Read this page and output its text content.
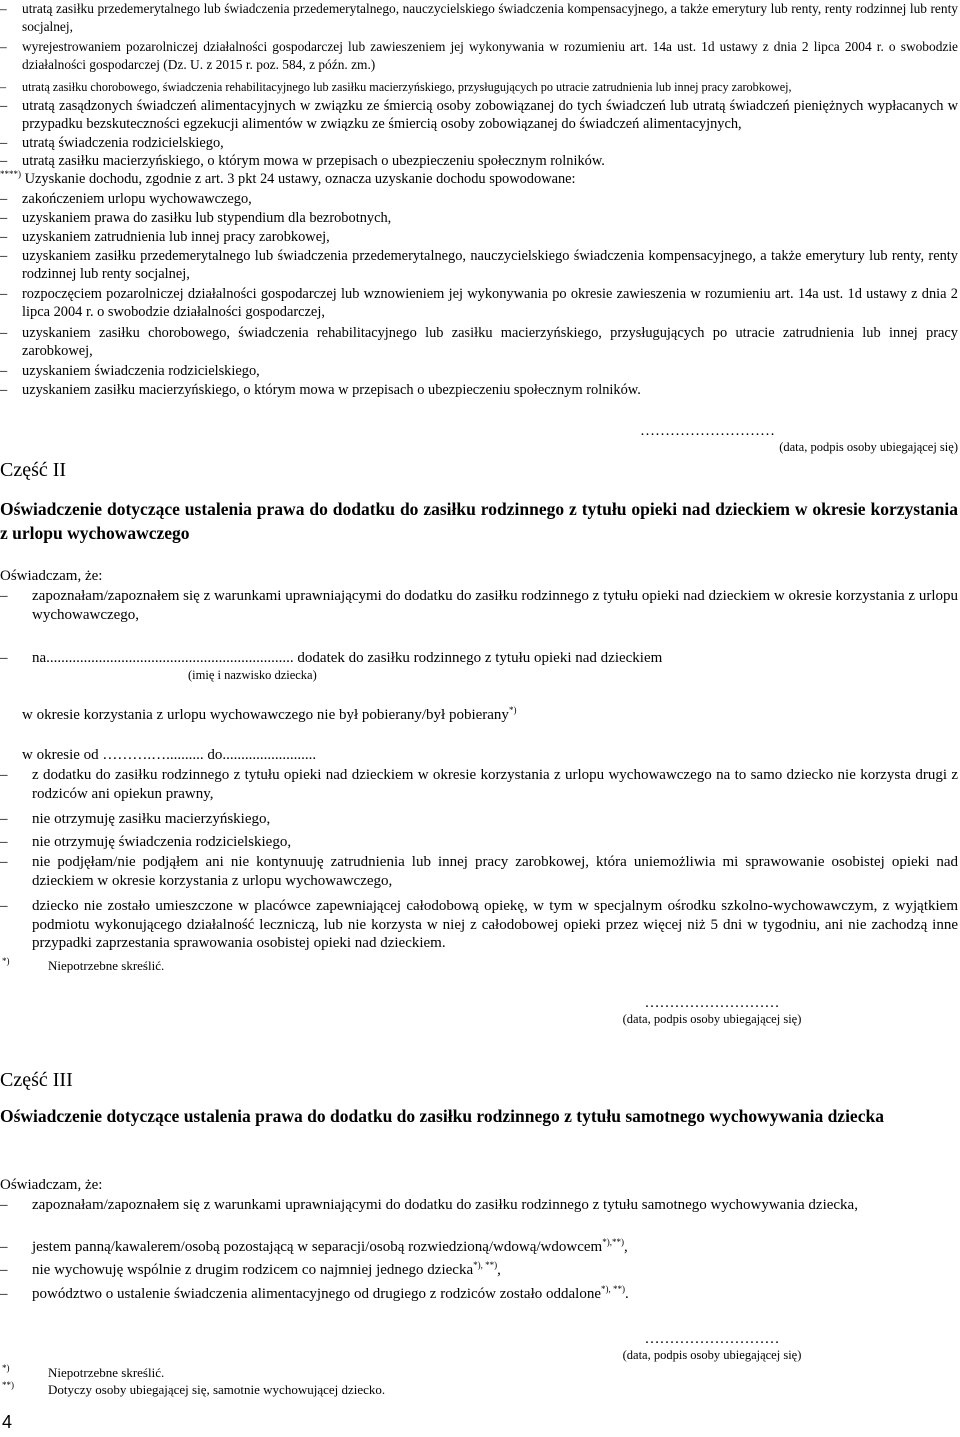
– utratą zasiłku przedemerytalnego lub świadczenia przedemerytalnego, nauczycielskiego świadczenia kompensacyjnego, a także emerytury lub renty, renty rodzinnej lub renty socjalnej,
– wyrejestrowaniem pozarolniczej działalności gospodarczej lub zawieszeniem jej wykonywania w rozumieniu art. 14a ust. 1d ustawy z dnia 2 lipca 2004 r. o swobodzie działalności gospodarczej (Dz. U. z 2015 r. poz. 584, z późn. zm.)
– utratą zasiłku chorobowego, świadczenia rehabilitacyjnego lub zasiłku macierzyńskiego, przysługujących po utracie zatrudnienia lub innej pracy zarobkowej,
– utratą zasądzonych świadczeń alimentacyjnych w związku ze śmiercią osoby zobowiązanej do tych świadczeń lub utratą świadczeń pieniężnych wypłacanych w przypadku bezskuteczności egzekucji alimentów w związku ze śmiercią osoby zobowiązanej do świadczeń alimentacyjnych,
– utratą świadczenia rodzicielskiego,
– utratą zasiłku macierzyńskiego, o którym mowa w przepisach o ubezpieczeniu społecznym rolników.
****) Uzyskanie dochodu, zgodnie z art. 3 pkt 24 ustawy, oznacza uzyskanie dochodu spowodowane:
– zakończeniem urlopu wychowawczego,
– uzyskaniem prawa do zasiłku lub stypendium dla bezrobotnych,
– uzyskaniem zatrudnienia lub innej pracy zarobkowej,
– uzyskaniem zasiłku przedemerytalnego lub świadczenia przedemerytalnego, nauczycielskiego świadczenia kompensacyjnego, a także emerytury lub renty, renty rodzinnej lub renty socjalnej,
– rozpoczęciem pozarolniczej działalności gospodarczej lub wznowieniem jej wykonywania po okresie zawieszenia w rozumieniu art. 14a ust. 1d ustawy z dnia 2 lipca 2004 r. o swobodzie działalności gospodarczej,
– uzyskaniem zasiłku chorobowego, świadczenia rehabilitacyjnego lub zasiłku macierzyńskiego, przysługujących po utracie zatrudnienia lub innej pracy zarobkowej,
– uzyskaniem świadczenia rodzicielskiego,
– uzyskaniem zasiłku macierzyńskiego, o którym mowa w przepisach o ubezpieczeniu społecznym rolników.
………………………
(data, podpis osoby ubiegającej się)
Część II
Oświadczenie dotyczące ustalenia prawa do dodatku do zasiłku rodzinnego z tytułu opieki nad dzieckiem w okresie korzystania z urlopu wychowawczego
Oświadczam, że:
– zapoznałam/zapoznałem się z warunkami uprawniającymi do dodatku do zasiłku rodzinnego z tytułu opieki nad dzieckiem w okresie korzystania z urlopu wychowawczego,
– na.................................................................. dodatek do zasiłku rodzinnego z tytułu opieki nad dzieckiem
(imię i nazwisko dziecka)
w okresie korzystania z urlopu wychowawczego nie był pobierany/był pobierany*)
w okresie od ……….….......... do.........................
– z dodatku do zasiłku rodzinnego z tytułu opieki nad dzieckiem w okresie korzystania z urlopu wychowawczego na to samo dziecko nie korzysta drugi z rodziców ani opiekun prawny,
– nie otrzymuję zasiłku macierzyńskiego,
– nie otrzymuję świadczenia rodzicielskiego,
– nie podjęłam/nie podjąłem ani nie kontynuuję zatrudnienia lub innej pracy zarobkowej, która uniemożliwia mi sprawowanie osobistej opieki nad dzieckiem w okresie korzystania z urlopu wychowawczego,
– dziecko nie zostało umieszczone w placówce zapewniającej całodobową opiekę, w tym w specjalnym ośrodku szkolno-wychowawczym, z wyjątkiem podmiotu wykonującego działalność leczniczą, lub nie korzysta w niej z całodobowej opieki przez więcej niż 5 dni w tygodniu, ani nie zachodzą inne przypadki zaprzestania sprawowania osobistej opieki nad dzieckiem.
*)	Niepotrzebne skreślić.
………………………
(data, podpis osoby ubiegającej się)
Część III
Oświadczenie dotyczące ustalenia prawa do dodatku do zasiłku rodzinnego z tytułu samotnego wychowywania dziecka
Oświadczam, że:
– zapoznałam/zapoznałem się z warunkami uprawniającymi do dodatku do zasiłku rodzinnego z tytułu samotnego wychowywania dziecka,
– jestem panną/kawalerem/osobą pozostającą w separacji/osobą rozwiedzioną/wdową/wdowcem*),**),
– nie wychowuję wspólnie z drugim rodzicem co najmniej jednego dziecka*), **),
– powództwo o ustalenie świadczenia alimentacyjnego od drugiego z rodziców zostało oddalone*), **).
………………………
(data, podpis osoby ubiegającej się)
*)	Niepotrzebne skreślić.
**)	Dotyczy osoby ubiegającej się, samotnie wychowującej dziecko.
4
